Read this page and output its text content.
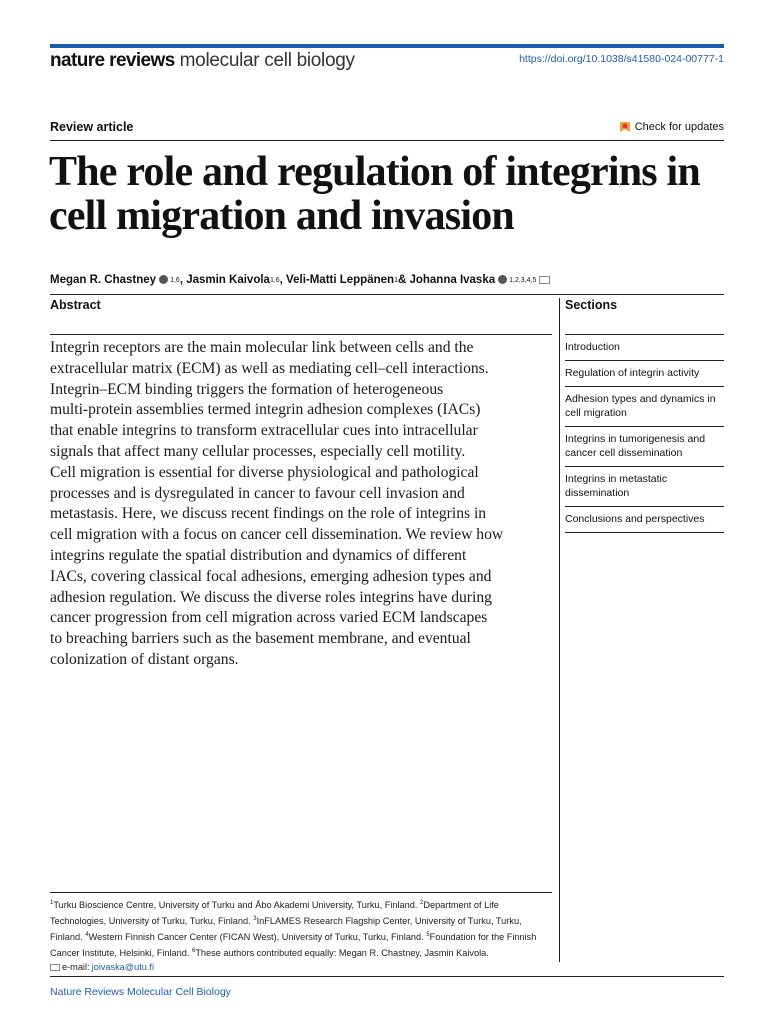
nature reviews molecular cell biology	https://doi.org/10.1038/s41580-024-00777-1
Review article	Check for updates
The role and regulation of integrins in cell migration and invasion
Megan R. Chastney $^{1,6}$ , Jasmin Kaivola$^{1,6}$ , Veli-Matti Leppänen$^1$ & Johanna Ivaska $^{1,2,3,4,5}$
Abstract

Integrin receptors are the main molecular link between cells and the
extracellular matrix (ECM) as well as mediating cell–cell interactions.
Integrin–ECM binding triggers the formation of heterogeneous
multi-protein assemblies termed integrin adhesion complexes (IACs)
that enable integrins to transform extracellular cues into intracellular
signals that affect many cellular processes, especially cell motility.
Cell migration is essential for diverse physiological and pathological
processes and is dysregulated in cancer to favour cell invasion and
metastasis. Here, we discuss recent findings on the role of integrins in
cell migration with a focus on cancer cell dissemination. We review how
integrins regulate the spatial distribution and dynamics of different
IACs, covering classical focal adhesions, emerging adhesion types and
adhesion regulation. We discuss the diverse roles integrins have during
cancer progression from cell migration across varied ECM landscapes
to breaching barriers such as the basement membrane, and eventual
colonization of distant organs.

Sections
Introduction
Regulation of integrin activity
Adhesion types and dynamics in cell migration
Integrins in tumorigenesis and cancer cell dissemination
Integrins in metastatic dissemination
Conclusions and perspectives
$^1$Turku Bioscience Centre, University of Turku and Åbo Akademi University, Turku, Finland. $^2$Department of Life Technologies, University of Turku, Turku, Finland. $^3$InFLAMES Research Flagship Center, University of Turku, Turku, Finland. $^4$Western Finnish Cancer Center (FICAN West), University of Turku, Turku, Finland. $^5$Foundation for the Finnish Cancer Institute, Helsinki, Finland. $^6$These authors contributed equally: Megan R. Chastney, Jasmin Kaivola.
e-mail: joivaska@utu.fi
Nature Reviews Molecular Cell Biology
